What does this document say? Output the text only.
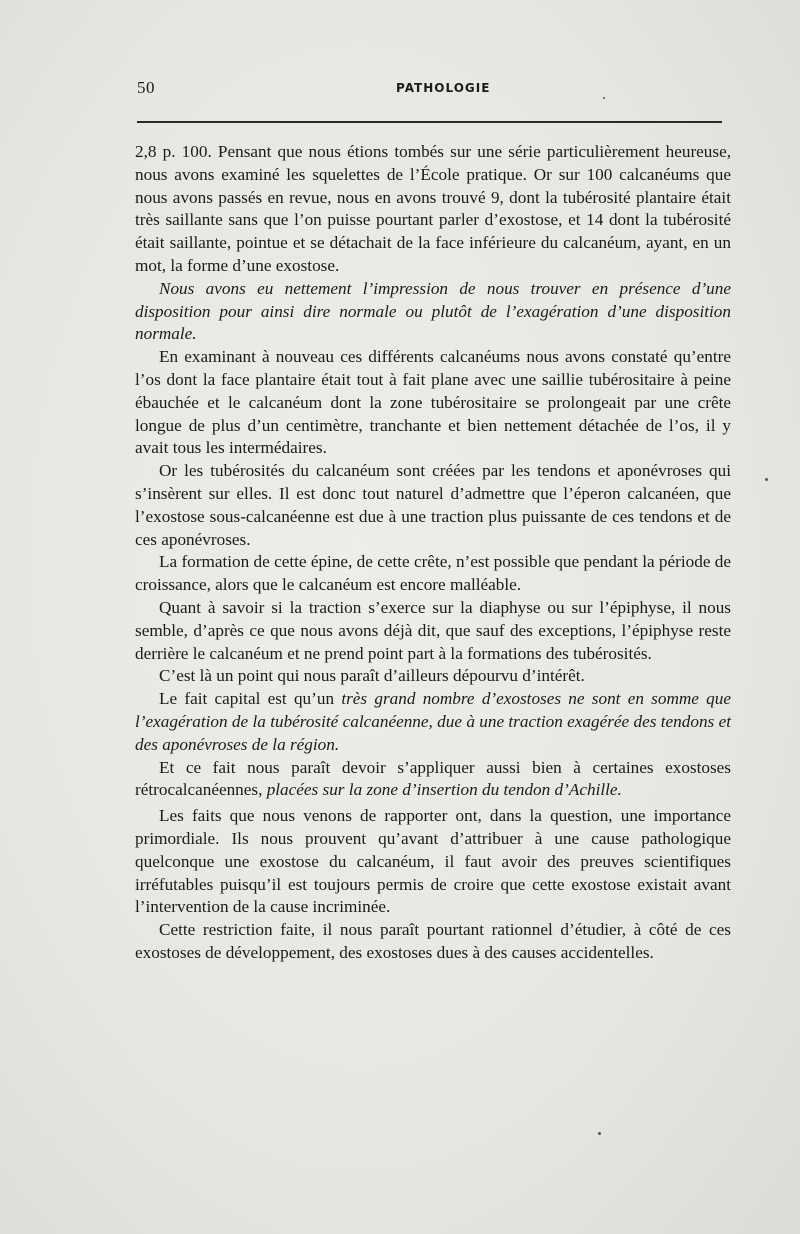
50	PATHOLOGIE

2,8 p. 100. Pensant que nous étions tombés sur une série particulièrement heureuse, nous avons examiné les squelettes de l’École pratique. Or sur 100 calcanéums que nous avons passés en revue, nous en avons trouvé 9, dont la tubérosité plantaire était très saillante sans que l’on puisse pourtant parler d’exostose, et 14 dont la tubérosité était saillante, pointue et se détachait de la face inférieure du calcanéum, ayant, en un mot, la forme d’une exostose.

Nous avons eu nettement l’impression de nous trouver en présence d’une disposition pour ainsi dire normale ou plutôt de l’exagération d’une disposition normale.

En examinant à nouveau ces différents calcanéums nous avons constaté qu’entre l’os dont la face plantaire était tout à fait plane avec une saillie tubérositaire à peine ébauchée et le calcanéum dont la zone tubérositaire se prolongeait par une crête longue de plus d’un centimètre, tranchante et bien nettement détachée de l’os, il y avait tous les intermédaires.

Or les tubérosités du calcanéum sont créées par les tendons et aponévroses qui s’insèrent sur elles. Il est donc tout naturel d’admettre que l’éperon calcanéen, que l’exostose sous-calcanéenne est due à une traction plus puissante de ces tendons et de ces aponévroses.

La formation de cette épine, de cette crête, n’est possible que pendant la période de croissance, alors que le calcanéum est encore malléable.

Quant à savoir si la traction s’exerce sur la diaphyse ou sur l’épiphyse, il nous semble, d’après ce que nous avons déjà dit, que sauf des exceptions, l’épiphyse reste derrière le calcanéum et ne prend point part à la formations des tubérosités.

C’est là un point qui nous paraît d’ailleurs dépourvu d’intérêt.

Le fait capital est qu’un très grand nombre d’exostoses ne sont en somme que l’exagération de la tubérosité calcanéenne, due à une traction exagérée des tendons et des aponévroses de la région.

Et ce fait nous paraît devoir s’appliquer aussi bien à certaines exostoses rétrocalcanéennes, placées sur la zone d’insertion du tendon d’Achille.

Les faits que nous venons de rapporter ont, dans la question, une importance primordiale. Ils nous prouvent qu’avant d’attribuer à une cause pathologique quelconque une exostose du calcanéum, il faut avoir des preuves scientifiques irréfutables puisqu’il est toujours permis de croire que cette exostose existait avant l’intervention de la cause incriminée.

Cette restriction faite, il nous paraît pourtant rationnel d’étudier, à côté de ces exostoses de développement, des exostoses dues à des causes accidentelles.
